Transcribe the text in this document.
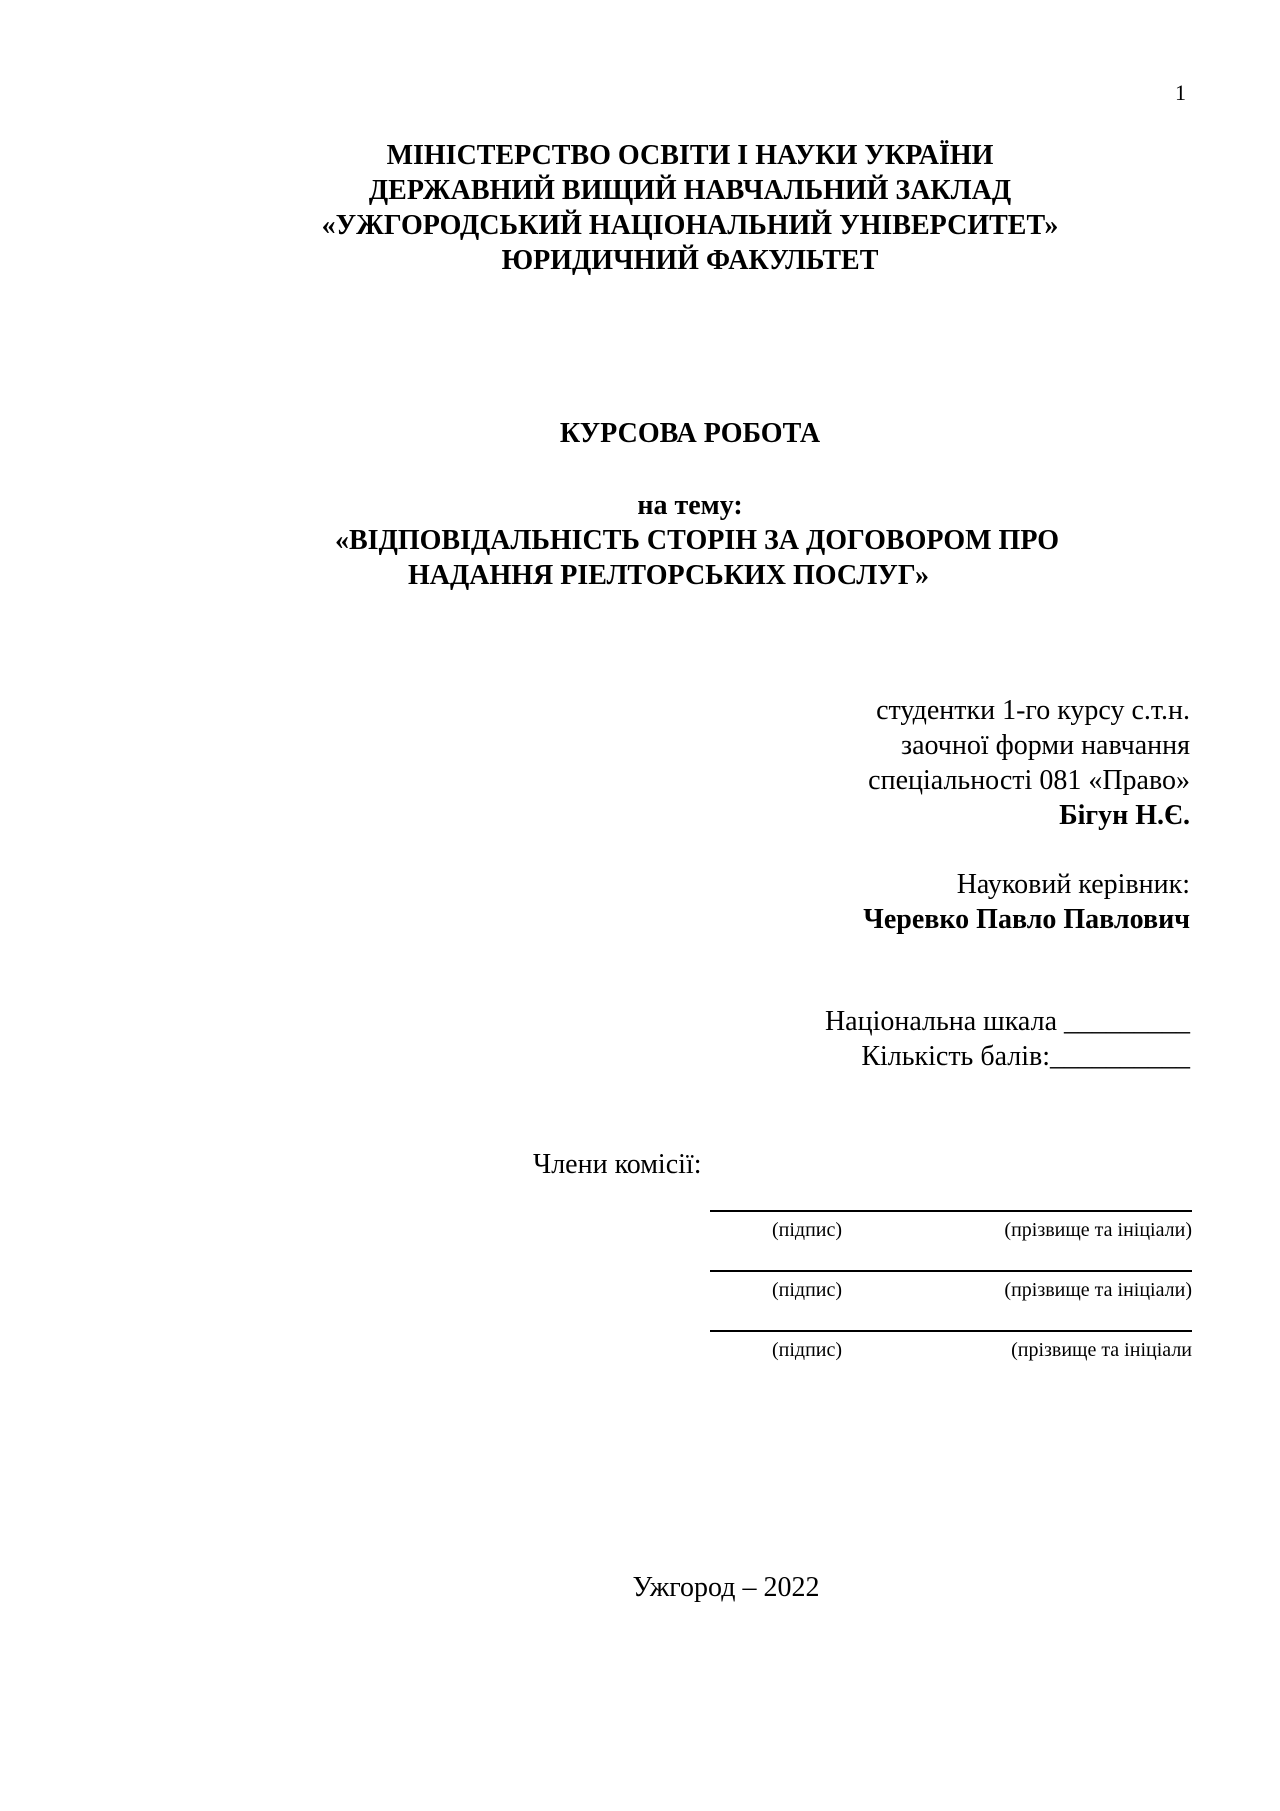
1
МІНІСТЕРСТВО ОСВІТИ І НАУКИ УКРАЇНИ
ДЕРЖАВНИЙ ВИЩИЙ НАВЧАЛЬНИЙ ЗАКЛАД
«УЖГОРОДСЬКИЙ НАЦІОНАЛЬНИЙ УНІВЕРСИТЕТ»
ЮРИДИЧНИЙ ФАКУЛЬТЕТ
КУРСОВА РОБОТА
на тему:
«ВІДПОВІДАЛЬНІСТЬ СТОРІН ЗА ДОГОВОРОМ ПРО
НАДАННЯ РІЕЛТОРСЬКИХ ПОСЛУГ»
студентки 1-го курсу с.т.н.
заочної форми навчання
спеціальності 081 «Право»
Бігун Н.Є.
Науковий керівник:
Черевко Павло Павлович
Національна шкала _________
Кількість балів:__________
Члени комісії:
(підпис)	(прізвище та ініціали)
(підпис)	(прізвище та ініціали)
(підпис)	(прізвище та ініціали
Ужгород – 2022
